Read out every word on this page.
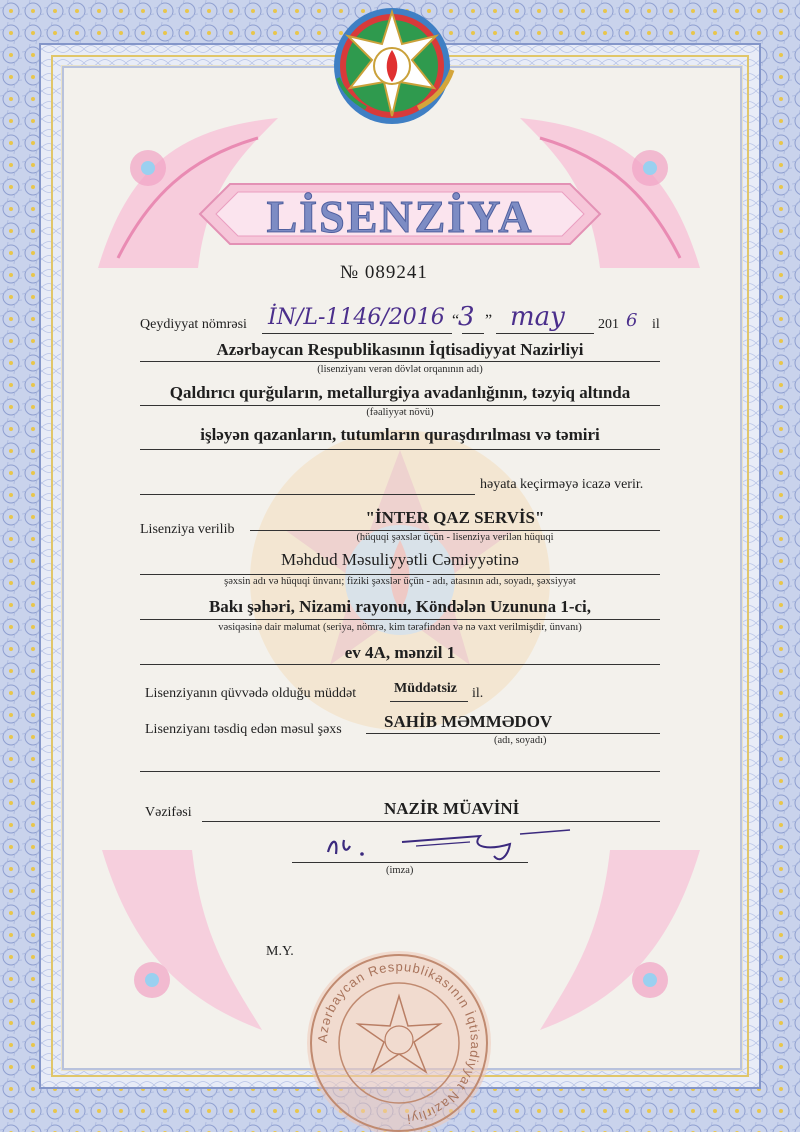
LİSENZİYA
№ 089241
Qeydiyyat nömrəsi İN/L-1146/2016 “
3 ” may 201 6 il
Azərbaycan Respublikasının İqtisadiyyat Nazirliyi
(lisenziyanı verən dövlət orqanının adı)
Qaldırıcı qurğuların, metallurgiya avadanlığının, təzyiq altında
(fəaliyyət növü)
işləyən qazanların, tutumların quraşdırılması və təmiri
həyata keçirməyə icazə verir.
Lisenziya verilib
"İNTER QAZ SERVİS"
(hüquqi şəxslər üçün - lisenziya verilən hüquqi
Məhdud Məsuliyyətli Cəmiyyətinə
şəxsin adı və hüquqi ünvanı; fiziki şəxslər üçün - adı, atasının adı, soyadı, şəxsiyyət
Bakı şəhəri, Nizami rayonu, Köndələn Uzununa 1-ci,
vəsiqəsinə dair məlumat (seriya, nömrə, kim tərəfindən və nə vaxt verilmişdir, ünvanı)
ev 4A, mənzil 1
Lisenziyanın qüvvədə olduğu müddət	Müddətsiz il.
Lisenziyanı təsdiq edən məsul şəxs SAHİB MƏMMƏDOV
(adı, soyadı)
Vəzifəsi	NAZİR MÜAVİNİ
(imza)
M.Y.
Azərbaycan Respublikasının İqtisadiyyat Nazirliyi
